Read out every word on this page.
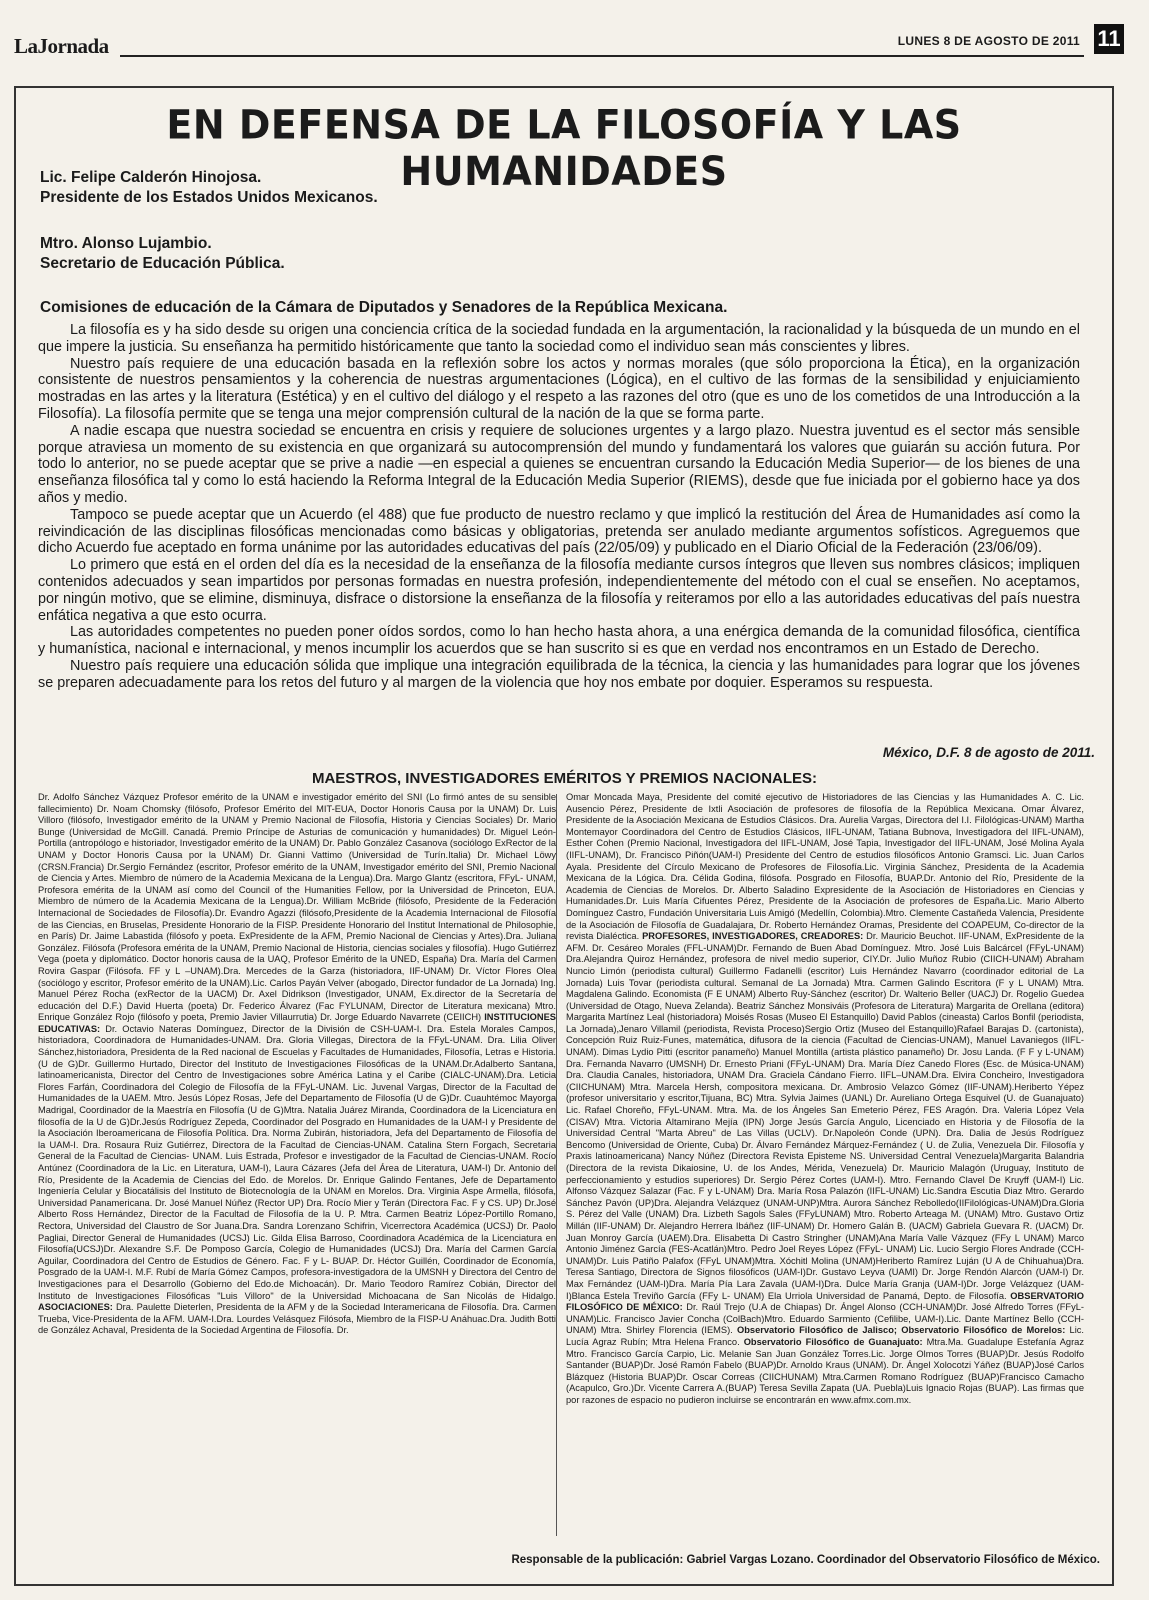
LaJornada	LUNES 8 DE AGOSTO DE 2011 11
EN DEFENSA DE LA FILOSOFÍA Y LAS HUMANIDADES
Lic. Felipe Calderón Hinojosa.
Presidente de los Estados Unidos Mexicanos.
Mtro. Alonso Lujambio.
Secretario de Educación Pública.
Comisiones de educación de la Cámara de Diputados y Senadores de la República Mexicana.

La filosofía es y ha sido desde su origen una conciencia crítica de la sociedad fundada en la argumentación, la racionalidad y la búsqueda de un mundo en el que impere la justicia. Su enseñanza ha permitido históricamente que tanto la sociedad como el individuo sean más conscientes y libres.

Nuestro país requiere de una educación basada en la reflexión sobre los actos y normas morales (que sólo proporciona la Ética), en la organización consistente de nuestros pensamientos y la coherencia de nuestras argumentaciones (Lógica), en el cultivo de las formas de la sensibilidad y enjuiciamiento mostradas en las artes y la literatura (Estética) y en el cultivo del diálogo y el respeto a las razones del otro (que es uno de los cometidos de una Introducción a la Filosofía). La filosofía permite que se tenga una mejor comprensión cultural de la nación de la que se forma parte.

A nadie escapa que nuestra sociedad se encuentra en crisis y requiere de soluciones urgentes y a largo plazo. Nuestra juventud es el sector más sensible porque atraviesa un momento de su existencia en que organizará su autocomprensión del mundo y fundamentará los valores que guiarán su acción futura. Por todo lo anterior, no se puede aceptar que se prive a nadie —en especial a quienes se encuentran cursando la Educación Media Superior— de los bienes de una enseñanza filosófica tal y como lo está haciendo la Reforma Integral de la Educación Media Superior (RIEMS), desde que fue iniciada por el gobierno hace ya dos años y medio.

Tampoco se puede aceptar que un Acuerdo (el 488) que fue producto de nuestro reclamo y que implicó la restitución del Área de Humanidades así como la reivindicación de las disciplinas filosóficas mencionadas como básicas y obligatorias, pretenda ser anulado mediante argumentos sofísticos. Agreguemos que dicho Acuerdo fue aceptado en forma unánime por las autoridades educativas del país (22/05/09) y publicado en el Diario Oficial de la Federación (23/06/09).

Lo primero que está en el orden del día es la necesidad de la enseñanza de la filosofía mediante cursos íntegros que lleven sus nombres clásicos; impliquen contenidos adecuados y sean impartidos por personas formadas en nuestra profesión, independientemente del método con el cual se enseñen. No aceptamos, por ningún motivo, que se elimine, disminuya, disfrace o distorsione la enseñanza de la filosofía y reiteramos por ello a las autoridades educativas del país nuestra enfática negativa a que esto ocurra.

Las autoridades competentes no pueden poner oídos sordos, como lo han hecho hasta ahora, a una enérgica demanda de la comunidad filosófica, científica y humanística, nacional e internacional, y menos incumplir los acuerdos que se han suscrito si es que en verdad nos encontramos en un Estado de Derecho.

Nuestro país requiere una educación sólida que implique una integración equilibrada de la técnica, la ciencia y las humanidades para lograr que los jóvenes se preparen adecuadamente para los retos del futuro y al margen de la violencia que hoy nos embate por doquier. Esperamos su respuesta.

México, D.F. 8 de agosto de 2011.
MAESTROS, INVESTIGADORES EMÉRITOS Y PREMIOS NACIONALES:

Dr. Adolfo Sánchez Vázquez Profesor emérito de la UNAM e investigador emérito del SNI (Lo firmó antes de su sensible fallecimiento) Dr. Noam Chomsky (filósofo, Profesor Emérito del MIT-EUA, Doctor Honoris Causa por la UNAM) Dr. Luis Villoro (filósofo, Investigador emérito de la UNAM y Premio Nacional de Filosofía, Historia y Ciencias Sociales) Dr. Mario Bunge (Universidad de McGill. Canadá. Premio Príncipe de Asturias de comunicación y humanidades) Dr. Miguel León-Portilla (antropólogo e historiador, Investigador emérito de la UNAM) Dr. Pablo González Casanova (sociólogo ExRector de la UNAM y Doctor Honoris Causa por la UNAM) Dr. Gianni Vattimo (Universidad de Turín.Italia) Dr. Michael Löwy (CRSN.Francia) Dr.Sergio Fernández (escritor, Profesor emérito de la UNAM, Investigador emérito del SNI, Premio Nacional de Ciencia y Artes. Miembro de número de la Academia Mexicana de la Lengua).Dra. Margo Glantz (escritora, FFyL- UNAM, Profesora emérita de la UNAM así como del Council of the Humanities Fellow, por la Universidad de Princeton, EUA. Miembro de número de la Academia Mexicana de la Lengua).Dr. William McBride (filósofo, Presidente de la Federación Internacional de Sociedades de Filosofía).Dr. Evandro Agazzi (filósofo,Presidente de la Academia Internacional de Filosofía de las Ciencias, en Bruselas, Presidente Honorario de la FISP. Presidente Honorario del Institut International de Philosophie, en París) Dr. Jaime Labastida (filósofo y poeta. ExPresidente de la AFM, Premio Nacional de Ciencias y Artes).Dra. Juliana González. Filósofa (Profesora emérita de la UNAM, Premio Nacional de Historia, ciencias sociales y filosofía). Hugo Gutiérrez Vega (poeta y diplomático. Doctor honoris causa de la UAQ, Profesor Emérito de la UNED, España) Dra. María del Carmen Rovira Gaspar (Filósofa. FF y L –UNAM).Dra. Mercedes de la Garza (historiadora, IIF-UNAM) Dr. Víctor Flores Olea (sociólogo y escritor, Profesor emérito de la UNAM).Lic. Carlos Payán Velver (abogado, Director fundador de La Jornada) Ing. Manuel Pérez Rocha (exRector de la UACM) Dr. Axel Didrikson (Investigador, UNAM, Ex.director de la Secretaría de educación del D.F.) David Huerta (poeta) Dr. Federico Álvarez (Fac FYLUNAM, Director de Literatura mexicana) Mtro. Enrique González Rojo (filósofo y poeta, Premio Javier Villaurrutia) Dr. Jorge Eduardo Navarrete (CEIICH) INSTITUCIONES EDUCATIVAS: Dr. Octavio Nateras Domínguez, Director de la División de CSH-UAM-I. Dra. Estela Morales Campos, historiadora, Coordinadora de Humanidades-UNAM. Dra. Gloria Villegas, Directora de la FFyL-UNAM. Dra. Lilia Oliver Sánchez,historiadora, Presidenta de la Red nacional de Escuelas y Facultades de Humanidades, Filosofía, Letras e Historia. (U de G)Dr. Guillermo Hurtado, Director del Instituto de Investigaciones Filosóficas de la UNAM.Dr.Adalberto Santana, latinoamericanista, Director del Centro de Investigaciones sobre América Latina y el Caribe (CIALC-UNAM).Dra. Leticia Flores Farfán, Coordinadora del Colegio de Filosofía de la FFyL-UNAM. Lic. Juvenal Vargas, Director de la Facultad de Humanidades de la UAEM. Mtro. Jesús López Rosas, Jefe del Departamento de Filosofía (U de G)Dr. Cuauhtémoc Mayorga Madrigal, Coordinador de la Maestría en Filosofía (U de G)Mtra. Natalia Juárez Miranda, Coordinadora de la Licenciatura en filosofía de la U de G)Dr.Jesús Rodríguez Zepeda, Coordinador del Posgrado en Humanidades de la UAM-I y Presidente de la Asociación Iberoamericana de Filosofía Política. Dra. Norma Zubirán, historiadora, Jefa del Departamento de Filosofía de la UAM-I. Dra. Rosaura Ruiz Gutiérrez, Directora de la Facultad de Ciencias-UNAM. Catalina Stern Forgach, Secretaria General de la Facultad de Ciencias- UNAM. Luis Estrada, Profesor e investigador de la Facultad de Ciencias-UNAM. Rocío Antúnez (Coordinadora de la Lic. en Literatura, UAM-I), Laura Cázares (Jefa del Área de Literatura, UAM-I) Dr. Antonio del Río, Presidente de la Academia de Ciencias del Edo. de Morelos. Dr. Enrique Galindo Fentanes, Jefe de Departamento Ingeniería Celular y Biocatálisis del Instituto de Biotecnología de la UNAM en Morelos. Dra. Virginia Aspe Armella, filósofa, Universidad Panamericana. Dr. José Manuel Núñez (Rector UP) Dra. Rocío Mier y Terán (Directora Fac. F y CS. UP) Dr.José Alberto Ross Hernández, Director de la Facultad de Filosofía de la U. P. Mtra. Carmen Beatriz López-Portillo Romano, Rectora, Universidad del Claustro de Sor Juana.Dra. Sandra Lorenzano Schifrin, Vicerrectora Académica (UCSJ) Dr. Paolo Pagliai, Director General de Humanidades (UCSJ) Lic. Gilda Elisa Barroso, Coordinadora Académica de la Licenciatura en Filosofía(UCSJ)Dr. Alexandre S.F. De Pomposo García, Colegio de Humanidades (UCSJ) Dra. María del Carmen García Aguilar, Coordinadora del Centro de Estudios de Género. Fac. F y L- BUAP. Dr. Héctor Guillén, Coordinador de Economía, Posgrado de la UAM-I. M.F. Rubí de María Gómez Campos, profesora-investigadora de la UMSNH y Directora del Centro de Investigaciones para el Desarrollo (Gobierno del Edo.de Michoacán). Dr. Mario Teodoro Ramírez Cobián, Director del Instituto de Investigaciones Filosóficas "Luis Villoro" de la Universidad Michoacana de San Nicolás de Hidalgo. ASOCIACIONES: Dra. Paulette Dieterlen, Presidenta de la AFM y de la Sociedad Interamericana de Filosofía. Dra. Carmen Trueba, Vice-Presidenta de la AFM. UAM-I.Dra. Lourdes Velásquez Filósofa, Miembro de la FISP-U Anáhuac.Dra. Judith Botti de González Achaval, Presidenta de la Sociedad Argentina de Filosofía. Dr.

Omar Moncada Maya, Presidente del comité ejecutivo de Historiadores de las Ciencias y las Humanidades A. C. Lic. Ausencio Pérez, Presidente de Ixtli Asociación de profesores de filosofía de la República Mexicana. Omar Álvarez, Presidente de la Asociación Mexicana de Estudios Clásicos. Dra. Aurelia Vargas, Directora del I.I. Filológicas-UNAM) Martha Montemayor Coordinadora del Centro de Estudios Clásicos, IIFL-UNAM, Tatiana Bubnova, Investigadora del IIFL-UNAM), Esther Cohen (Premio Nacional, Investigadora del IIFL-UNAM, José Tapia, Investigador del IIFL-UNAM, José Molina Ayala (IIFL-UNAM), Dr. Francisco Piñón(UAM-I) Presidente del Centro de estudios filosóficos Antonio Gramsci. Lic. Juan Carlos Ayala. Presidente del Círculo Mexicano de Profesores de Filosofía.Lic. Virginia Sánchez, Presidenta de la Academia Mexicana de la Lógica. Dra. Célida Godina, filósofa. Posgrado en Filosofía, BUAP.Dr. Antonio del Río, Presidente de la Academia de Ciencias de Morelos. Dr. Alberto Saladino Expresidente de la Asociación de Historiadores en Ciencias y Humanidades.Dr. Luis María Cifuentes Pérez, Presidente de la Asociación de profesores de España.Lic. Mario Alberto Domínguez Castro, Fundación Universitaria Luis Amigó (Medellín, Colombia).Mtro. Clemente Castañeda Valencia, Presidente de la Asociación de Filosofía de Guadalajara, Dr. Roberto Hernández Oramas, Presidente del COAPEUM, Co-director de la revista Dialéctica. PROFESORES, INVESTIGADORES, CREADORES: Dr. Mauricio Beuchot. IIF-UNAM, ExPresidente de la AFM. Dr. Cesáreo Morales (FFL-UNAM)Dr. Fernando de Buen Abad Domínguez. Mtro. José Luis Balcárcel (FFyL-UNAM) Dra.Alejandra Quiroz Hernández, profesora de nivel medio superior, CIY.Dr. Julio Muñoz Rubio (CIICH-UNAM) Abraham Nuncio Limón (periodista cultural) Guillermo Fadanelli (escritor) Luis Hernández Navarro (coordinador editorial de La Jornada) Luis Tovar (periodista cultural. Semanal de La Jornada) Mtra. Carmen Galindo Escritora (F y L UNAM) Mtra. Magdalena Galindo. Economista (F E UNAM) Alberto Ruy-Sánchez (escritor) Dr. Walterio Beller (UACJ) Dr. Rogelio Guedea (Universidad de Otago, Nueva Zelanda). Beatriz Sánchez Monsiváis (Profesora de Literatura) Margarita de Orellana (editora) Margarita Martínez Leal (historiadora) Moisés Rosas (Museo El Estanquillo) David Pablos (cineasta) Carlos Bonfil (periodista, La Jornada),Jenaro Villamil (periodista, Revista Proceso)Sergio Ortiz (Museo del Estanquillo)Rafael Barajas D. (cartonista), Concepción Ruiz Ruiz-Funes, matemática, difusora de la ciencia (Facultad de Ciencias-UNAM), Manuel Lavaniegos (IIFL-UNAM). Dimas Lydio Pitti (escritor panameño) Manuel Montilla (artista plástico panameño) Dr. Josu Landa. (F F y L-UNAM) Dra. Fernanda Navarro (UMSNH) Dr. Ernesto Priani (FFyL-UNAM) Dra. María Díez Canedo Flores (Esc. de Música-UNAM) Dra. Claudia Canales, historiadora, UNAM Dra. Graciela Cándano Fierro. IIFL–UNAM.Dra. Elvira Concheiro, Investigadora (CIICHUNAM) Mtra. Marcela Hersh, compositora mexicana. Dr. Ambrosio Velazco Gómez (IIF-UNAM).Heriberto Yépez (profesor universitario y escritor,Tijuana, BC) Mtra. Sylvia Jaimes (UANL) Dr. Aureliano Ortega Esquivel (U. de Guanajuato) Lic. Rafael Choreño, FFyL-UNAM. Mtra. Ma. de los Ángeles San Emeterio Pérez, FES Aragón. Dra. Valeria López Vela (CISAV) Mtra. Victoria Altamirano Mejía (IPN) Jorge Jesús García Angulo, Licenciado en Historia y de Filosofía de la Universidad Central "Marta Abreu" de Las Villas (UCLV). Dr.Napoleón Conde (UPN). Dra. Dalia de Jesús Rodríguez Bencomo (Universidad de Oriente, Cuba) Dr. Álvaro Fernández Márquez-Fernández ( U. de Zulia, Venezuela Dir. Filosofía y Praxis latinoamericana) Nancy Núñez (Directora Revista Episteme NS. Universidad Central Venezuela)Margarita Balandria (Directora de la revista Dikaiosine, U. de los Andes, Mérida, Venezuela) Dr. Mauricio Malagón (Uruguay, Instituto de perfeccionamiento y estudios superiores) Dr. Sergio Pérez Cortes (UAM-I). Mtro. Fernando Clavel De Kruyff (UAM-I) Lic. Alfonso Vázquez Salazar (Fac. F y L-UNAM) Dra. María Rosa Palazón (IIFL-UNAM) Lic.Sandra Escutia Diaz Mtro. Gerardo Sánchez Pavón (UP)Dra. Alejandra Velázquez (UNAM-UNP)Mtra. Aurora Sánchez Rebolledo(IIFilológicas-UNAM)Dra.Gloria S. Pérez del Valle (UNAM) Dra. Lizbeth Sagols Sales (FFyLUNAM) Mtro. Roberto Arteaga M. (UNAM) Mtro. Gustavo Ortiz Millán (IIF-UNAM) Dr. Alejandro Herrera Ibáñez (IIF-UNAM) Dr. Homero Galán B. (UACM) Gabriela Guevara R. (UACM) Dr. Juan Monroy García (UAEM).Dra. Elisabetta Di Castro Stringher (UNAM)Ana María Valle Vázquez (FFy L UNAM) Marco Antonio Jiménez García (FES-Acatlán)Mtro. Pedro Joel Reyes López (FFyL- UNAM) Lic. Lucio Sergio Flores Andrade (CCH-UNAM)Dr. Luis Patiño Palafox (FFyL UNAM)Mtra. Xóchitl Molina (UNAM)Heriberto Ramírez Luján (U A de Chihuahua)Dra. Teresa Santiago, Directora de Signos filosóficos (UAM-I)Dr. Gustavo Leyva (UAMI) Dr. Jorge Rendón Alarcón (UAM-I) Dr. Max Fernández (UAM-I)Dra. María Pía Lara Zavala (UAM-I)Dra. Dulce María Granja (UAM-I)Dr. Jorge Velázquez (UAM-I)Blanca Estela Treviño García (FFy L- UNAM) Ela Urriola Universidad de Panamá, Depto. de Filosofía. OBSERVATORIO FILOSÓFICO DE MÉXICO: Dr. Raúl Trejo (U.A de Chiapas) Dr. Ángel Alonso (CCH-UNAM)Dr. José Alfredo Torres (FFyL-UNAM)Lic. Francisco Javier Concha (ColBach)Mtro. Eduardo Sarmiento (Cefilibe, UAM-I).Lic. Dante Martínez Bello (CCH-UNAM) Mtra. Shirley Florencia (IEMS). Observatorio Filosófico de Jalisco; Observatorio Filosófico de Morelos: Lic. Lucía Agraz Rubín; Mtra Helena Franco. Observatorio Filosófico de Guanajuato: Mtra.Ma. Guadalupe Estefanía Agraz Mtro. Francisco García Carpio, Lic. Melanie San Juan González Torres.Lic. Jorge Olmos Torres (BUAP)Dr. Jesús Rodolfo Santander (BUAP)Dr. José Ramón Fabelo (BUAP)Dr. Arnoldo Kraus (UNAM). Dr. Ángel Xolocotzi Yáñez (BUAP)José Carlos Blázquez (Historia BUAP)Dr. Oscar Correas (CIICHUNAM) Mtra.Carmen Romano Rodríguez (BUAP)Francisco Camacho (Acapulco, Gro.)Dr. Vicente Carrera A.(BUAP) Teresa Sevilla Zapata (UA. Puebla)Luis Ignacio Rojas (BUAP). Las firmas que por razones de espacio no pudieron incluirse se encontrarán en www.afmx.com.mx.

Responsable de la publicación: Gabriel Vargas Lozano. Coordinador del Observatorio Filosófico de México.
